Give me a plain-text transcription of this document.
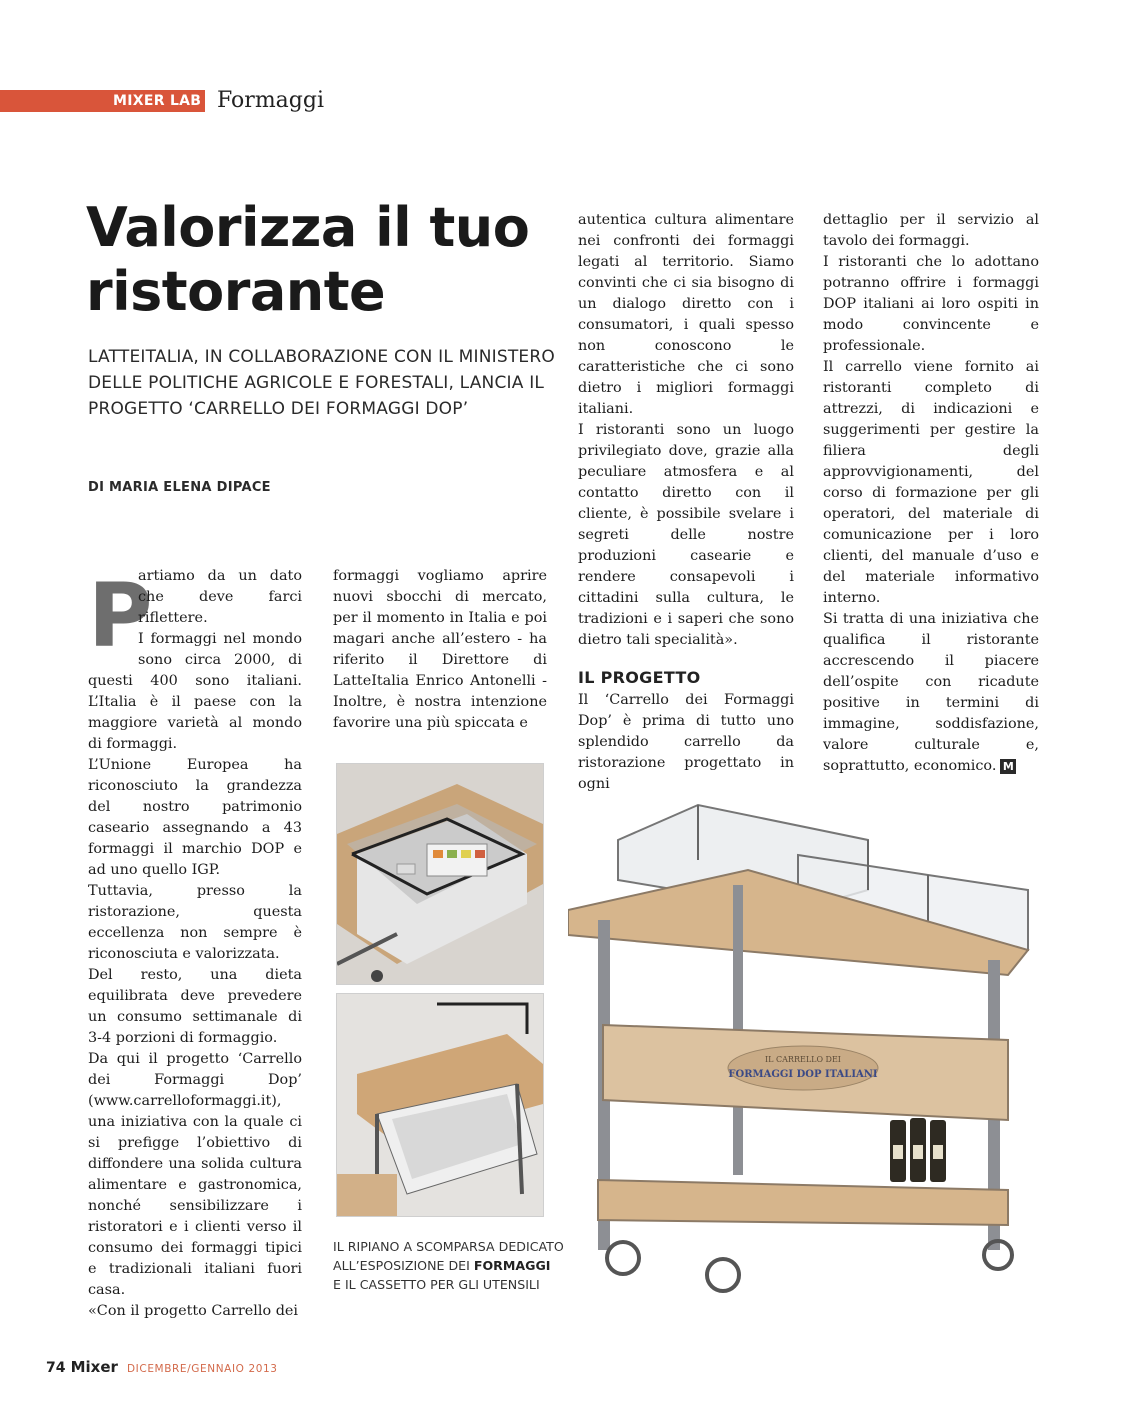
MIXER LAB Formaggi
Valorizza il tuo ristorante

LATTEITALIA, IN COLLABORAZIONE CON IL MINISTERO DELLE POLITICHE AGRICOLE E FORESTALI, LANCIA IL PROGETTO ‘CARRELLO DEI FORMAGGI DOP’

DI MARIA ELENA DIPACE
P

artiamo da un dato che deve farci riflettere.

I formaggi nel mondo sono circa 2000, di questi 400 sono italiani. L’Italia è il paese con la maggiore varietà al mondo di formaggi.

L’Unione Europea ha riconosciuto la grandezza del nostro patrimonio caseario assegnando a 43 formaggi il marchio DOP e ad uno quello IGP.

Tuttavia, presso la ristorazione, questa eccellenza non sempre è riconosciuta e valorizzata.

Del resto, una dieta equilibrata deve prevedere un consumo settimanale di 3-4 porzioni di formaggio.

Da qui il progetto ‘Carrello dei Formaggi Dop’ (www.carrelloformaggi.it), una iniziativa con la quale ci si prefigge l’obiettivo di diffondere una solida cultura alimentare e gastronomica, nonché sensibilizzare i ristoratori e i clienti verso il consumo dei formaggi tipici e tradizionali italiani fuori casa.

«Con il progetto Carrello dei

formaggi vogliamo aprire nuovi sbocchi di mercato, per il momento in Italia e poi magari anche all’estero - ha riferito il Direttore di LatteItalia Enrico Antonelli - Inoltre, è nostra intenzione favorire una più spiccata e

autentica cultura alimentare nei confronti dei formaggi legati al territorio. Siamo convinti che ci sia bisogno di un dialogo diretto con i consumatori, i quali spesso non conoscono le caratteristiche che ci sono dietro i migliori formaggi italiani.

I ristoranti sono un luogo privilegiato dove, grazie alla peculiare atmosfera e al contatto diretto con il cliente, è possibile svelare i segreti delle nostre produzioni casearie e rendere consapevoli i cittadini sulla cultura, le tradizioni e i saperi che sono dietro tali specialità».

IL PROGETTO

Il ‘Carrello dei Formaggi Dop’ è prima di tutto uno splendido carrello da ristorazione progettato in ogni

dettaglio per il servizio al tavolo dei formaggi.

I ristoranti che lo adottano potranno offrire i formaggi DOP italiani ai loro ospiti in modo convincente e professionale.

Il carrello viene fornito ai ristoranti completo di attrezzi, di indicazioni e suggerimenti per gestire la filiera degli approvvigionamenti, del corso di formazione per gli operatori, del materiale di comunicazione per i loro clienti, del manuale d’uso e del materiale informativo interno.

Si tratta di una iniziativa che qualifica il ristorante accrescendo il piacere dell’ospite con ricadute positive in termini di immagine, soddisfazione, valore culturale e, soprattutto, economico. M

IL CARRELLO DEI
FORMAGGI DOP ITALIANI
IL RIPIANO A SCOMPARSA DEDICATO
ALL’ESPOSIZIONE DEI FORMAGGI
E IL CASSETTO PER GLI UTENSILI
74 Mixer DICEMBRE/GENNAIO 2013
